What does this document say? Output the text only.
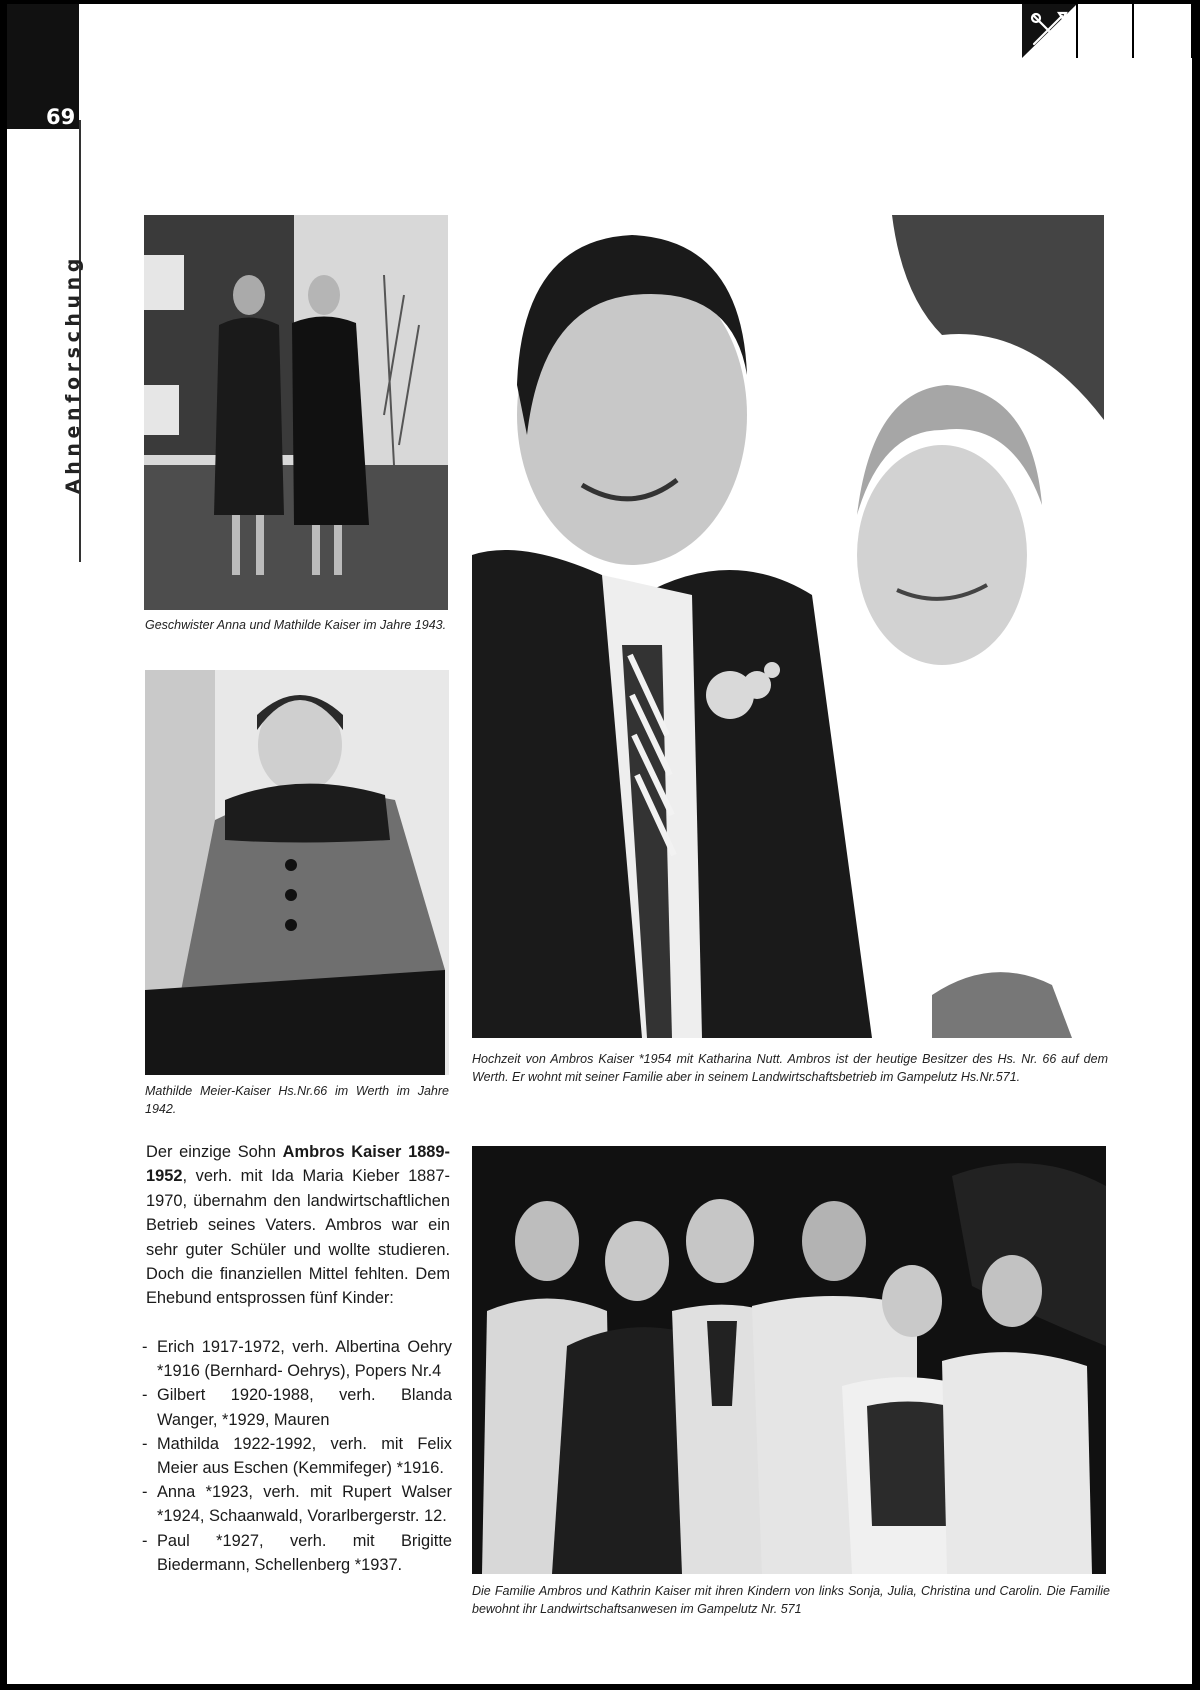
69
Ahnenforschung
Geschwister Anna und Mathilde Kaiser im Jahre 1943.
Mathilde Meier-Kaiser Hs.Nr.66 im Werth im Jahre 1942.
Hochzeit von Ambros Kaiser *1954 mit Katharina Nutt. Ambros ist der heutige Besitzer des Hs. Nr. 66 auf dem Werth. Er wohnt mit seiner Familie aber in seinem Landwirtschaftsbetrieb im Gampelutz Hs.Nr.571.
Die Familie Ambros und Kathrin Kaiser mit ihren Kindern von links Sonja, Julia, Christina und Carolin. Die Familie bewohnt ihr Landwirtschaftsanwesen im Gampelutz Nr. 571
Der einzige Sohn Ambros Kaiser 1889-1952, verh. mit Ida Maria Kieber 1887-1970, übernahm den landwirtschaftlichen Betrieb seines Vaters. Ambros war ein sehr guter Schüler und wollte studieren. Doch die finanziellen Mittel fehlten. Dem Ehebund entsprossen fünf Kinder:
- Erich 1917-1972, verh. Albertina Oehry *1916 (Bernhard- Oehrys), Popers Nr.4
- Gilbert 1920-1988, verh. Blanda Wanger, *1929, Mauren
- Mathilda 1922-1992, verh. mit Felix Meier aus Eschen (Kemmifeger) *1916.
- Anna *1923, verh. mit Rupert Walser *1924, Schaanwald, Vorarlbergerstr. 12.
- Paul *1927, verh. mit Brigitte Biedermann, Schellenberg *1937.
